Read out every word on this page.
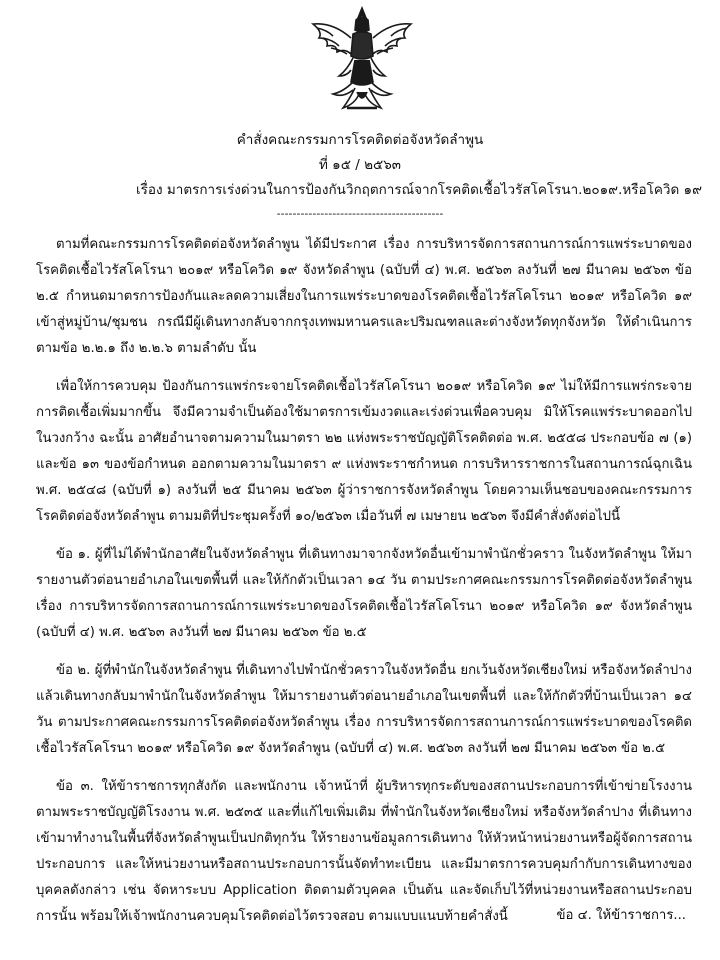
คำสั่งคณะกรรมการโรคติดต่อจังหวัดลำพูน
ที่ ๑๕ / ๒๕๖๓
เรื่อง มาตรการเร่งด่วนในการป้องกันวิกฤตการณ์จากโรคติดเชื้อไวรัสโคโรนา.๒๐๑๙.หรือโควิด ๑๙
------------------------------------------

ตามที่คณะกรรมการโรคติดต่อจังหวัดลำพูน ได้มีประกาศ เรื่อง การบริหารจัดการสถานการณ์การแพร่ระบาดของโรคติดเชื้อไวรัสโคโรนา ๒๐๑๙ หรือโควิด ๑๙ จังหวัดลำพูน (ฉบับที่ ๔) พ.ศ. ๒๕๖๓ ลงวันที่ ๒๗ มีนาคม ๒๕๖๓ ข้อ ๒.๕ กำหนดมาตรการป้องกันและลดความเสี่ยงในการแพร่ระบาดของโรคติดเชื้อไวรัสโคโรนา ๒๐๑๙ หรือโควิด ๑๙ เข้าสู่หมู่บ้าน/ชุมชน กรณีมีผู้เดินทางกลับจากกรุงเทพมหานครและปริมณฑลและต่างจังหวัดทุกจังหวัด ให้ดำเนินการตามข้อ ๒.๒.๑ ถึง ๒.๒.๖ ตามลำดับ นั้น

เพื่อให้การควบคุม ป้องกันการแพร่กระจายโรคติดเชื้อไวรัสโคโรนา ๒๐๑๙ หรือโควิด ๑๙ ไม่ให้มีการแพร่กระจายการติดเชื้อเพิ่มมากขึ้น จึงมีความจำเป็นต้องใช้มาตรการเข้มงวดและเร่งด่วนเพื่อควบคุม มิให้โรคแพร่ระบาดออกไปในวงกว้าง ฉะนั้น อาศัยอำนาจตามความในมาตรา ๒๒ แห่งพระราชบัญญัติโรคติดต่อ พ.ศ. ๒๕๕๘ ประกอบข้อ ๗ (๑) และข้อ ๑๓ ของข้อกำหนด ออกตามความในมาตรา ๙ แห่งพระราชกำหนด การบริหารราชการในสถานการณ์ฉุกเฉิน พ.ศ. ๒๕๔๘ (ฉบับที่ ๑) ลงวันที่ ๒๕ มีนาคม ๒๕๖๓ ผู้ว่าราชการจังหวัดลำพูน โดยความเห็นชอบของคณะกรรมการโรคติดต่อจังหวัดลำพูน ตามมติที่ประชุมครั้งที่ ๑๐/๒๕๖๓ เมื่อวันที่ ๗ เมษายน ๒๕๖๓ จึงมีคำสั่งดังต่อไปนี้

ข้อ ๑. ผู้ที่ไม่ได้พำนักอาศัยในจังหวัดลำพูน ที่เดินทางมาจากจังหวัดอื่นเข้ามาพำนักชั่วคราว ในจังหวัดลำพูน ให้มารายงานตัวต่อนายอำเภอในเขตพื้นที่ และให้กักตัวเป็นเวลา ๑๔ วัน ตามประกาศคณะกรรมการโรคติดต่อจังหวัดลำพูน เรื่อง การบริหารจัดการสถานการณ์การแพร่ระบาดของโรคติดเชื้อไวรัสโคโรนา ๒๐๑๙ หรือโควิด ๑๙ จังหวัดลำพูน (ฉบับที่ ๔) พ.ศ. ๒๕๖๓ ลงวันที่ ๒๗ มีนาคม ๒๕๖๓ ข้อ ๒.๕

ข้อ ๒. ผู้ที่พำนักในจังหวัดลำพูน ที่เดินทางไปพำนักชั่วคราวในจังหวัดอื่น ยกเว้นจังหวัดเชียงใหม่ หรือจังหวัดลำปาง แล้วเดินทางกลับมาพำนักในจังหวัดลำพูน ให้มารายงานตัวต่อนายอำเภอในเขตพื้นที่ และให้กักตัวที่บ้านเป็นเวลา ๑๔ วัน ตามประกาศคณะกรรมการโรคติดต่อจังหวัดลำพูน เรื่อง การบริหารจัดการสถานการณ์การแพร่ระบาดของโรคติดเชื้อไวรัสโคโรนา ๒๐๑๙ หรือโควิด ๑๙ จังหวัดลำพูน (ฉบับที่ ๔) พ.ศ. ๒๕๖๓ ลงวันที่ ๒๗ มีนาคม ๒๕๖๓ ข้อ ๒.๕

ข้อ ๓. ให้ข้าราชการทุกสังกัด และพนักงาน เจ้าหน้าที่ ผู้บริหารทุกระดับของสถานประกอบการที่เข้าข่ายโรงงานตามพระราชบัญญัติโรงงาน พ.ศ. ๒๕๓๕ และที่แก้ไขเพิ่มเติม ที่พำนักในจังหวัดเชียงใหม่ หรือจังหวัดลำปาง ที่เดินทางเข้ามาทำงานในพื้นที่จังหวัดลำพูนเป็นปกติทุกวัน ให้รายงานข้อมูลการเดินทาง ให้หัวหน้าหน่วยงานหรือผู้จัดการสถานประกอบการ และให้หน่วยงานหรือสถานประกอบการนั้นจัดทำทะเบียน และมีมาตรการควบคุมกำกับการเดินทางของบุคคลดังกล่าว เช่น จัดหาระบบ Application ติดตามตัวบุคคล เป็นต้น และจัดเก็บไว้ที่หน่วยงานหรือสถานประกอบการนั้น พร้อมให้เจ้าพนักงานควบคุมโรคติดต่อไว้ตรวจสอบ ตามแบบแนบท้ายคำสั่งนี้	ข้อ ๔. ให้ข้าราชการ...
